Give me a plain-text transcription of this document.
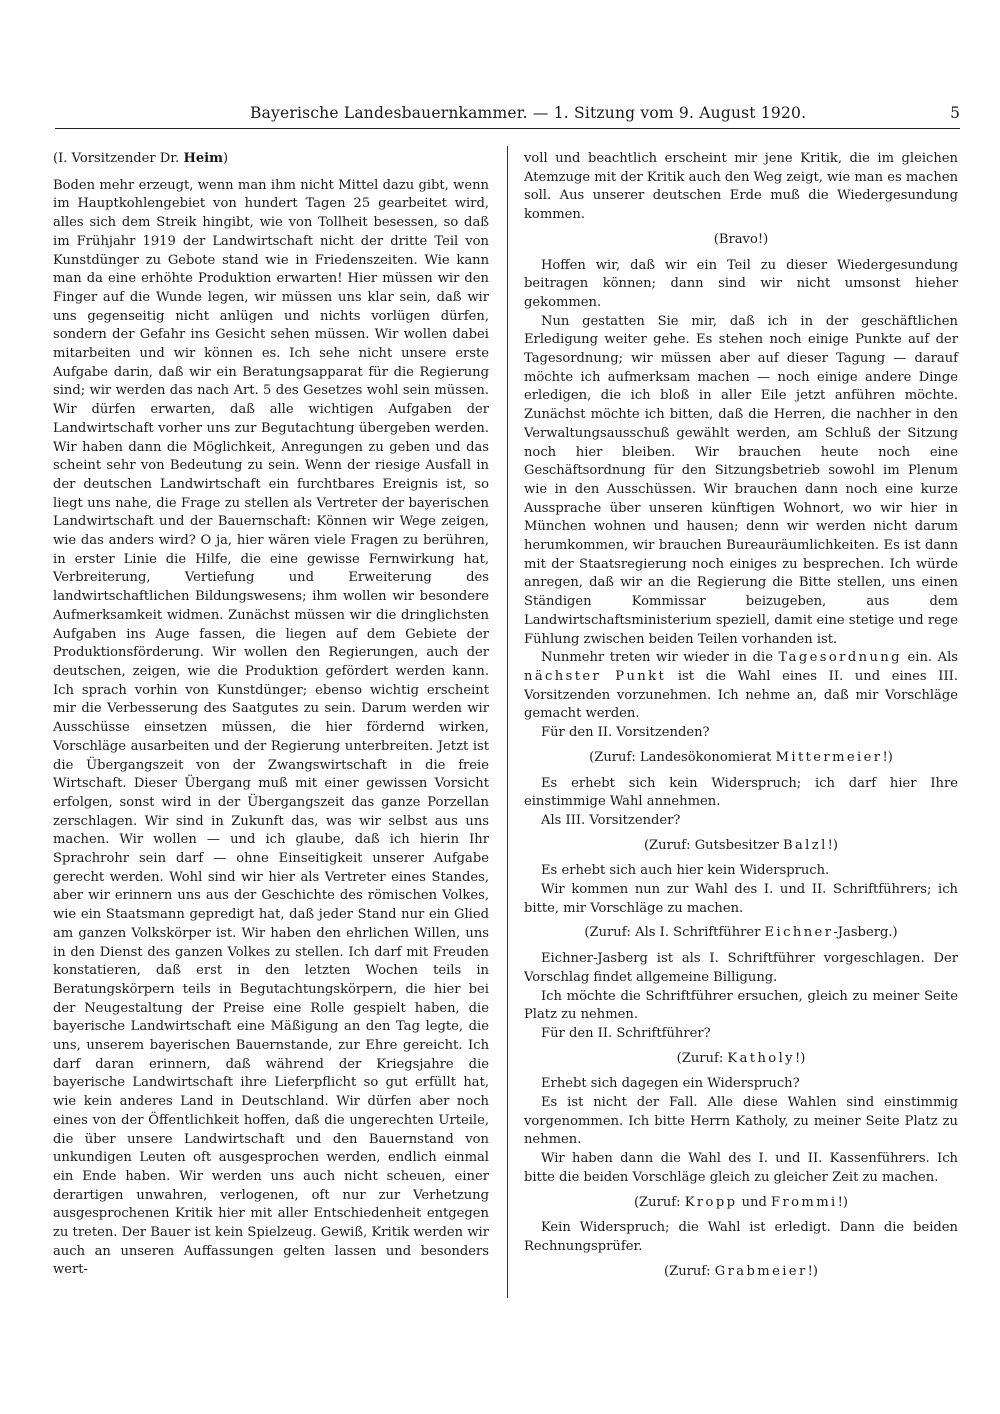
Bayerische Landesbauernkammer. — 1. Sitzung vom 9. August 1920.	5

(I. Vorsitzender Dr. Heim)

Boden mehr erzeugt, wenn man ihm nicht Mittel dazu gibt, wenn im Hauptkohlengebiet von hundert Tagen 25 gearbeitet wird, alles sich dem Streik hingibt, wie von Tollheit besessen, so daß im Frühjahr 1919 der Landwirtschaft nicht der dritte Teil von Kunstdünger zu Gebote stand wie in Friedenszeiten. Wie kann man da eine erhöhte Produktion erwarten! Hier müssen wir den Finger auf die Wunde legen, wir müssen uns klar sein, daß wir uns gegenseitig nicht anlügen und nichts vorlügen dürfen, sondern der Gefahr ins Gesicht sehen müssen. Wir wollen dabei mitarbeiten und wir können es. Ich sehe nicht unsere erste Aufgabe darin, daß wir ein Beratungsapparat für die Regierung sind; wir werden das nach Art. 5 des Gesetzes wohl sein müssen. Wir dürfen erwarten, daß alle wichtigen Aufgaben der Landwirtschaft vorher uns zur Begutachtung übergeben werden. Wir haben dann die Möglichkeit, Anregungen zu geben und das scheint sehr von Bedeutung zu sein. Wenn der riesige Ausfall in der deutschen Landwirtschaft ein furchtbares Ereignis ist, so liegt uns nahe, die Frage zu stellen als Vertreter der bayerischen Landwirtschaft und der Bauernschaft: Können wir Wege zeigen, wie das anders wird? O ja, hier wären viele Fragen zu berühren, in erster Linie die Hilfe, die eine gewisse Fernwirkung hat, Verbreiterung, Vertiefung und Erweiterung des landwirtschaftlichen Bildungswesens; ihm wollen wir besondere Aufmerksamkeit widmen. Zunächst müssen wir die dringlichsten Aufgaben ins Auge fassen, die liegen auf dem Gebiete der Produktionsförderung. Wir wollen den Regierungen, auch der deutschen, zeigen, wie die Produktion gefördert werden kann. Ich sprach vorhin von Kunstdünger; ebenso wichtig erscheint mir die Verbesserung des Saatgutes zu sein. Darum werden wir Ausschüsse einsetzen müssen, die hier fördernd wirken, Vorschläge ausarbeiten und der Regierung unterbreiten. Jetzt ist die Übergangszeit von der Zwangswirtschaft in die freie Wirtschaft. Dieser Übergang muß mit einer gewissen Vorsicht erfolgen, sonst wird in der Übergangszeit das ganze Porzellan zerschlagen. Wir sind in Zukunft das, was wir selbst aus uns machen. Wir wollen — und ich glaube, daß ich hierin Ihr Sprachrohr sein darf — ohne Einseitigkeit unserer Aufgabe gerecht werden. Wohl sind wir hier als Vertreter eines Standes, aber wir erinnern uns aus der Geschichte des römischen Volkes, wie ein Staatsmann gepredigt hat, daß jeder Stand nur ein Glied am ganzen Volkskörper ist. Wir haben den ehrlichen Willen, uns in den Dienst des ganzen Volkes zu stellen. Ich darf mit Freuden konstatieren, daß erst in den letzten Wochen teils in Beratungskörpern teils in Begutachtungskörpern, die hier bei der Neugestaltung der Preise eine Rolle gespielt haben, die bayerische Landwirtschaft eine Mäßigung an den Tag legte, die uns, unserem bayerischen Bauernstande, zur Ehre gereicht. Ich darf daran erinnern, daß während der Kriegsjahre die bayerische Landwirtschaft ihre Lieferpflicht so gut erfüllt hat, wie kein anderes Land in Deutschland. Wir dürfen aber noch eines von der Öffentlichkeit hoffen, daß die ungerechten Urteile, die über unsere Landwirtschaft und den Bauernstand von unkundigen Leuten oft ausgesprochen werden, endlich einmal ein Ende haben. Wir werden uns auch nicht scheuen, einer derartigen unwahren, verlogenen, oft nur zur Verhetzung ausgesprochenen Kritik hier mit aller Entschiedenheit entgegen zu treten. Der Bauer ist kein Spielzeug. Gewiß, Kritik werden wir auch an unseren Auffassungen gelten lassen und besonders wert-

voll und beachtlich erscheint mir jene Kritik, die im gleichen Atemzuge mit der Kritik auch den Weg zeigt, wie man es machen soll. Aus unserer deutschen Erde muß die Wiedergesundung kommen.

(Bravo!)

Hoffen wir, daß wir ein Teil zu dieser Wiedergesundung beitragen können; dann sind wir nicht umsonst hieher gekommen.

Nun gestatten Sie mir, daß ich in der geschäftlichen Erledigung weiter gehe. Es stehen noch einige Punkte auf der Tagesordnung; wir müssen aber auf dieser Tagung — darauf möchte ich aufmerksam machen — noch einige andere Dinge erledigen, die ich bloß in aller Eile jetzt anführen möchte. Zunächst möchte ich bitten, daß die Herren, die nachher in den Verwaltungsausschuß gewählt werden, am Schluß der Sitzung noch hier bleiben. Wir brauchen heute noch eine Geschäftsordnung für den Sitzungsbetrieb sowohl im Plenum wie in den Ausschüssen. Wir brauchen dann noch eine kurze Aussprache über unseren künftigen Wohnort, wo wir hier in München wohnen und hausen; denn wir werden nicht darum herumkommen, wir brauchen Bureauräumlichkeiten. Es ist dann mit der Staatsregierung noch einiges zu besprechen. Ich würde anregen, daß wir an die Regierung die Bitte stellen, uns einen Ständigen Kommissar beizugeben, aus dem Landwirtschaftsministerium speziell, damit eine stetige und rege Fühlung zwischen beiden Teilen vorhanden ist.

Nunmehr treten wir wieder in die Tagesordnung ein. Als nächster Punkt ist die Wahl eines II. und eines III. Vorsitzenden vorzunehmen. Ich nehme an, daß mir Vorschläge gemacht werden.

Für den II. Vorsitzenden?

(Zuruf: Landesökonomierat Mittermeier!)

Es erhebt sich kein Widerspruch; ich darf hier Ihre einstimmige Wahl annehmen.

Als III. Vorsitzender?

(Zuruf: Gutsbesitzer Balzl!)

Es erhebt sich auch hier kein Widerspruch.

Wir kommen nun zur Wahl des I. und II. Schriftführers; ich bitte, mir Vorschläge zu machen.

(Zuruf: Als I. Schriftführer Eichner-Jasberg.)

Eichner-Jasberg ist als I. Schriftführer vorgeschlagen. Der Vorschlag findet allgemeine Billigung.

Ich möchte die Schriftführer ersuchen, gleich zu meiner Seite Platz zu nehmen.

Für den II. Schriftführer?

(Zuruf: Katholy!)

Erhebt sich dagegen ein Widerspruch?

Es ist nicht der Fall. Alle diese Wahlen sind einstimmig vorgenommen. Ich bitte Herrn Katholy, zu meiner Seite Platz zu nehmen.

Wir haben dann die Wahl des I. und II. Kassenführers. Ich bitte die beiden Vorschläge gleich zu gleicher Zeit zu machen.

(Zuruf: Kropp und Frommi!)

Kein Widerspruch; die Wahl ist erledigt. Dann die beiden Rechnungsprüfer.

(Zuruf: Grabmeier!)
